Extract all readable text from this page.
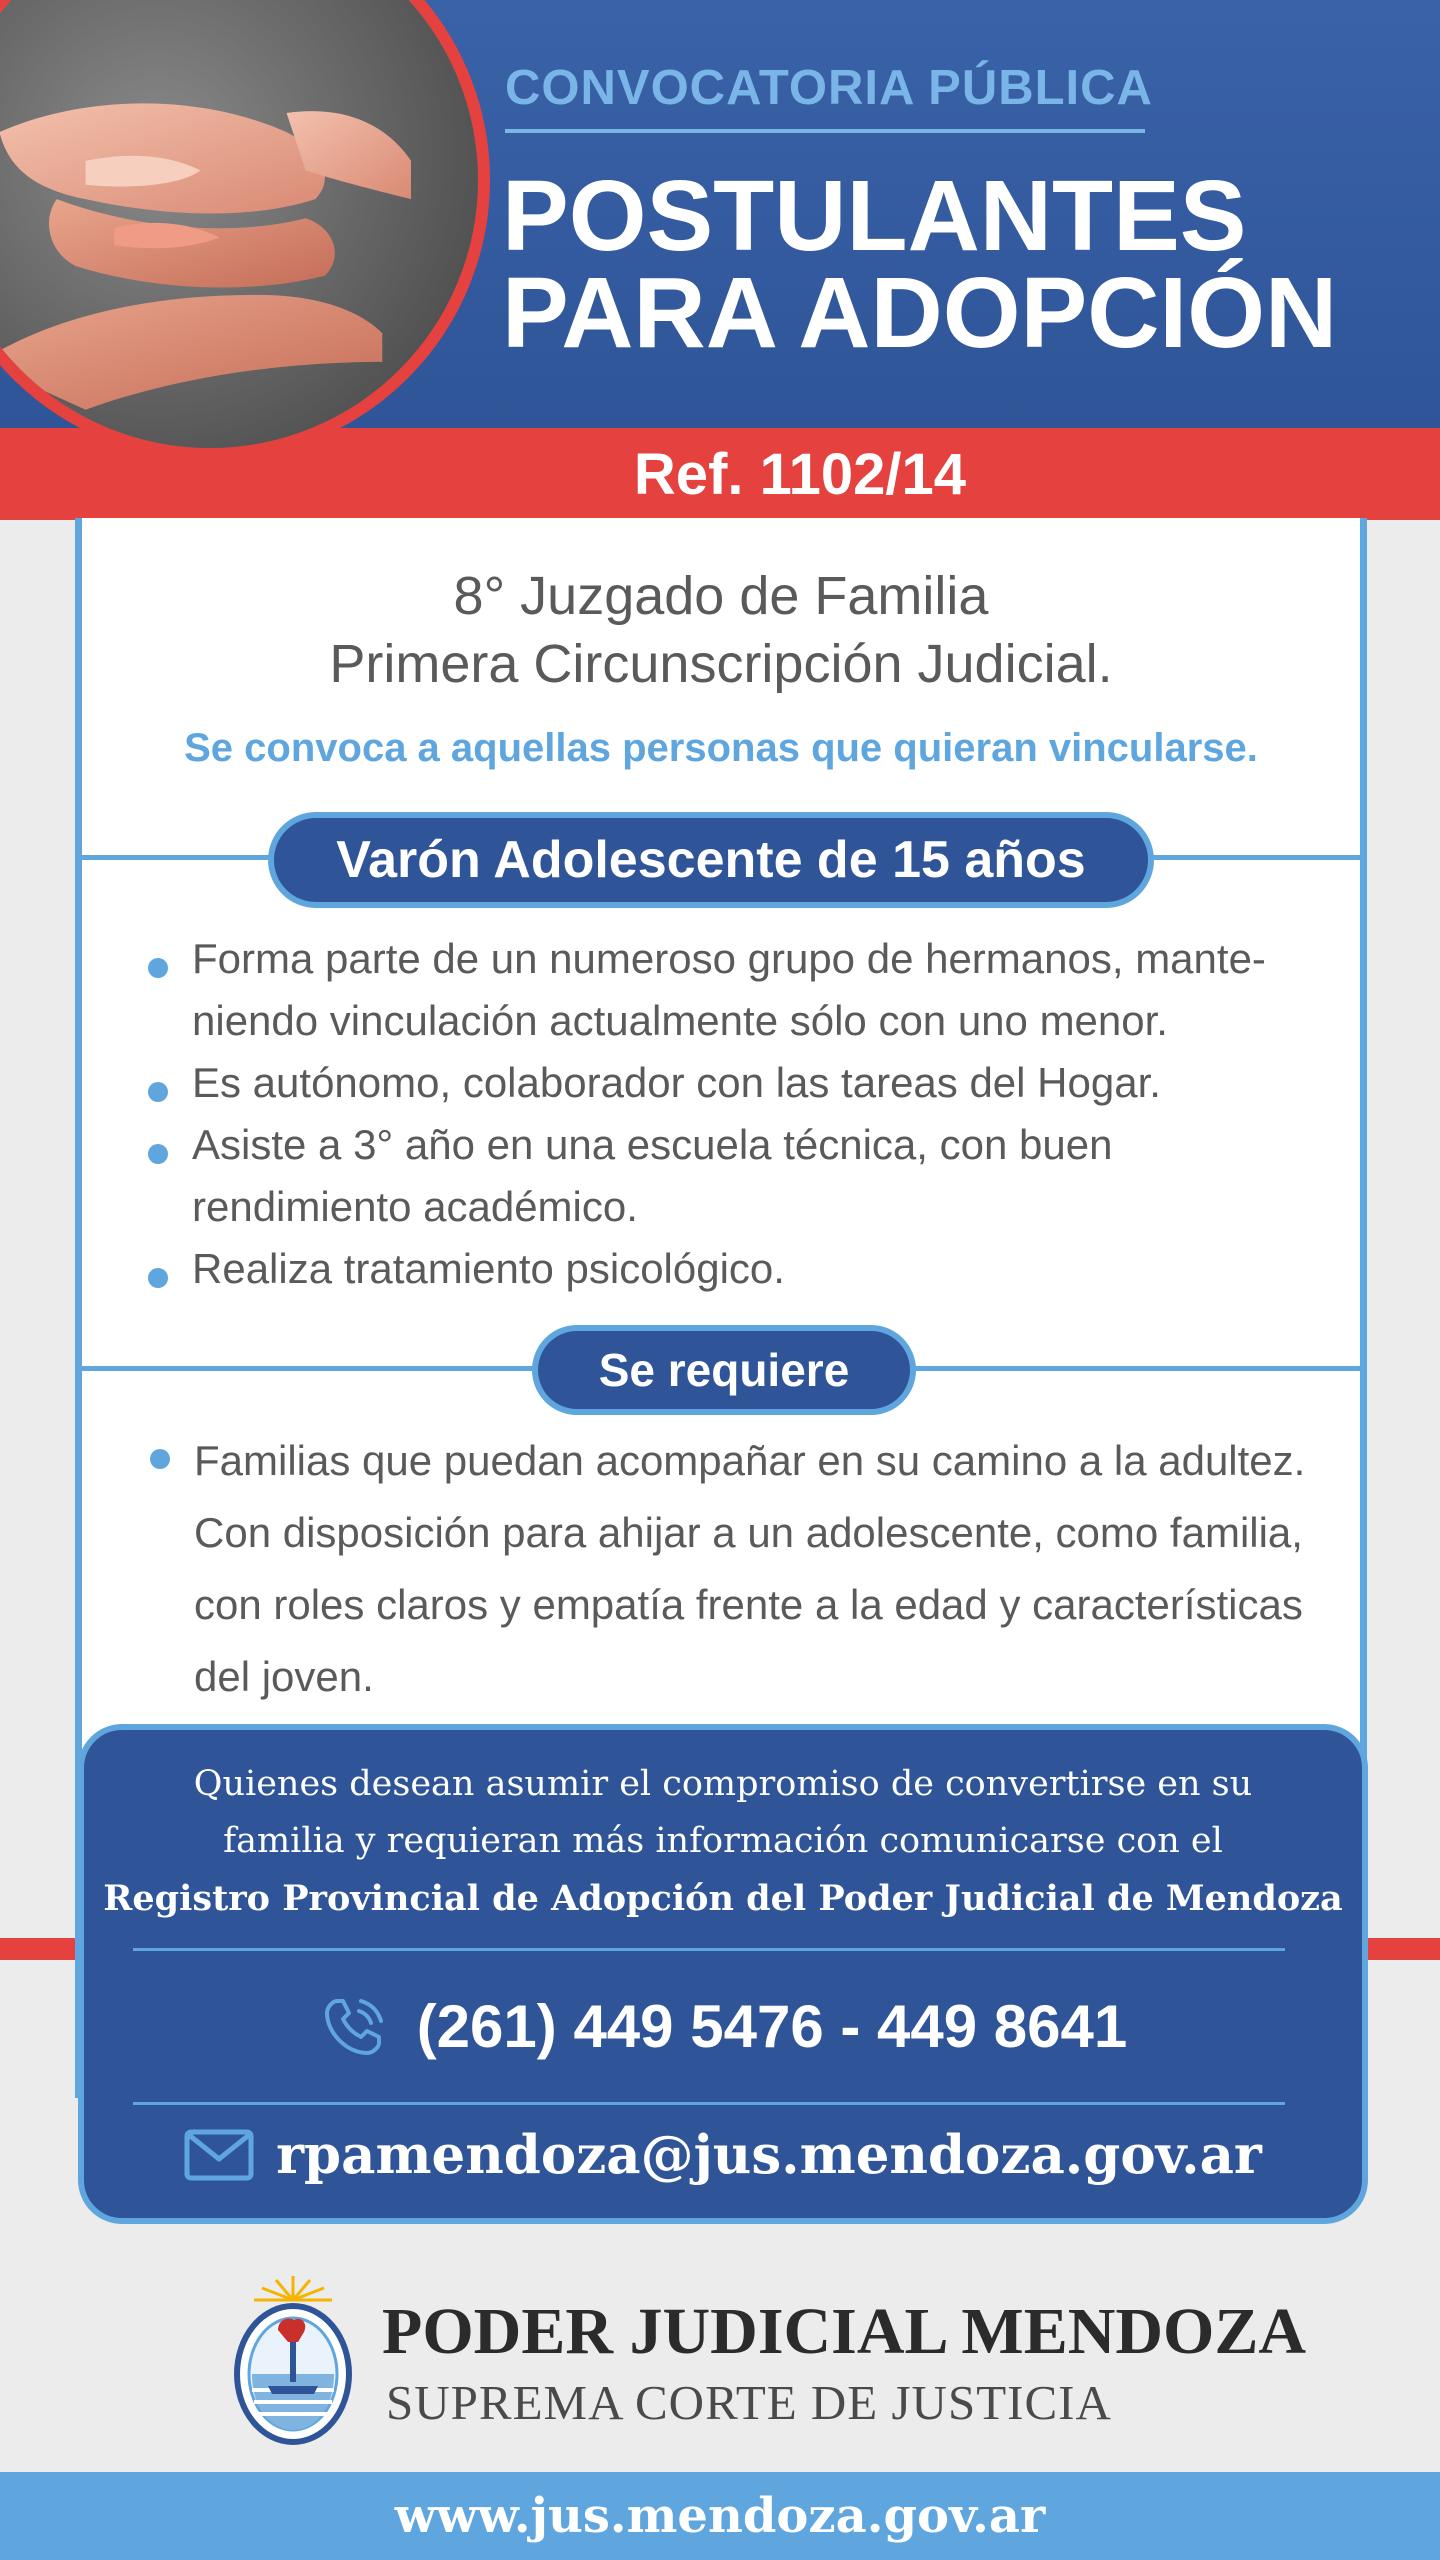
Ref. 1102/14
CONVOCATORIA PÚBLICA
POSTULANTES
PARA ADOPCIÓN
8° Juzgado de Familia
Primera Circunscripción Judicial.
Se convoca a aquellas personas que quieran vincularse.
Varón Adolescente de 15 años
Forma parte de un numeroso grupo de hermanos, mante-
niendo vinculación actualmente sólo con uno menor.
Es autónomo, colaborador con las tareas del Hogar.
Asiste a 3° año en una escuela técnica, con buen
rendimiento académico.
Realiza tratamiento psicológico.
Se requiere
Familias que puedan acompañar en su camino a la adultez.
Con disposición para ahijar a un adolescente, como familia,
con roles claros y empatía frente a la edad y características
del joven.
Quienes desean asumir el compromiso de convertirse en su
familia y requieran más información comunicarse con el
Registro Provincial de Adopción del Poder Judicial de Mendoza
(261) 449 5476 - 449 8641
rpamendoza@jus.mendoza.gov.ar
PODER JUDICIAL MENDOZA
SUPREMA CORTE DE JUSTICIA
www.jus.mendoza.gov.ar
